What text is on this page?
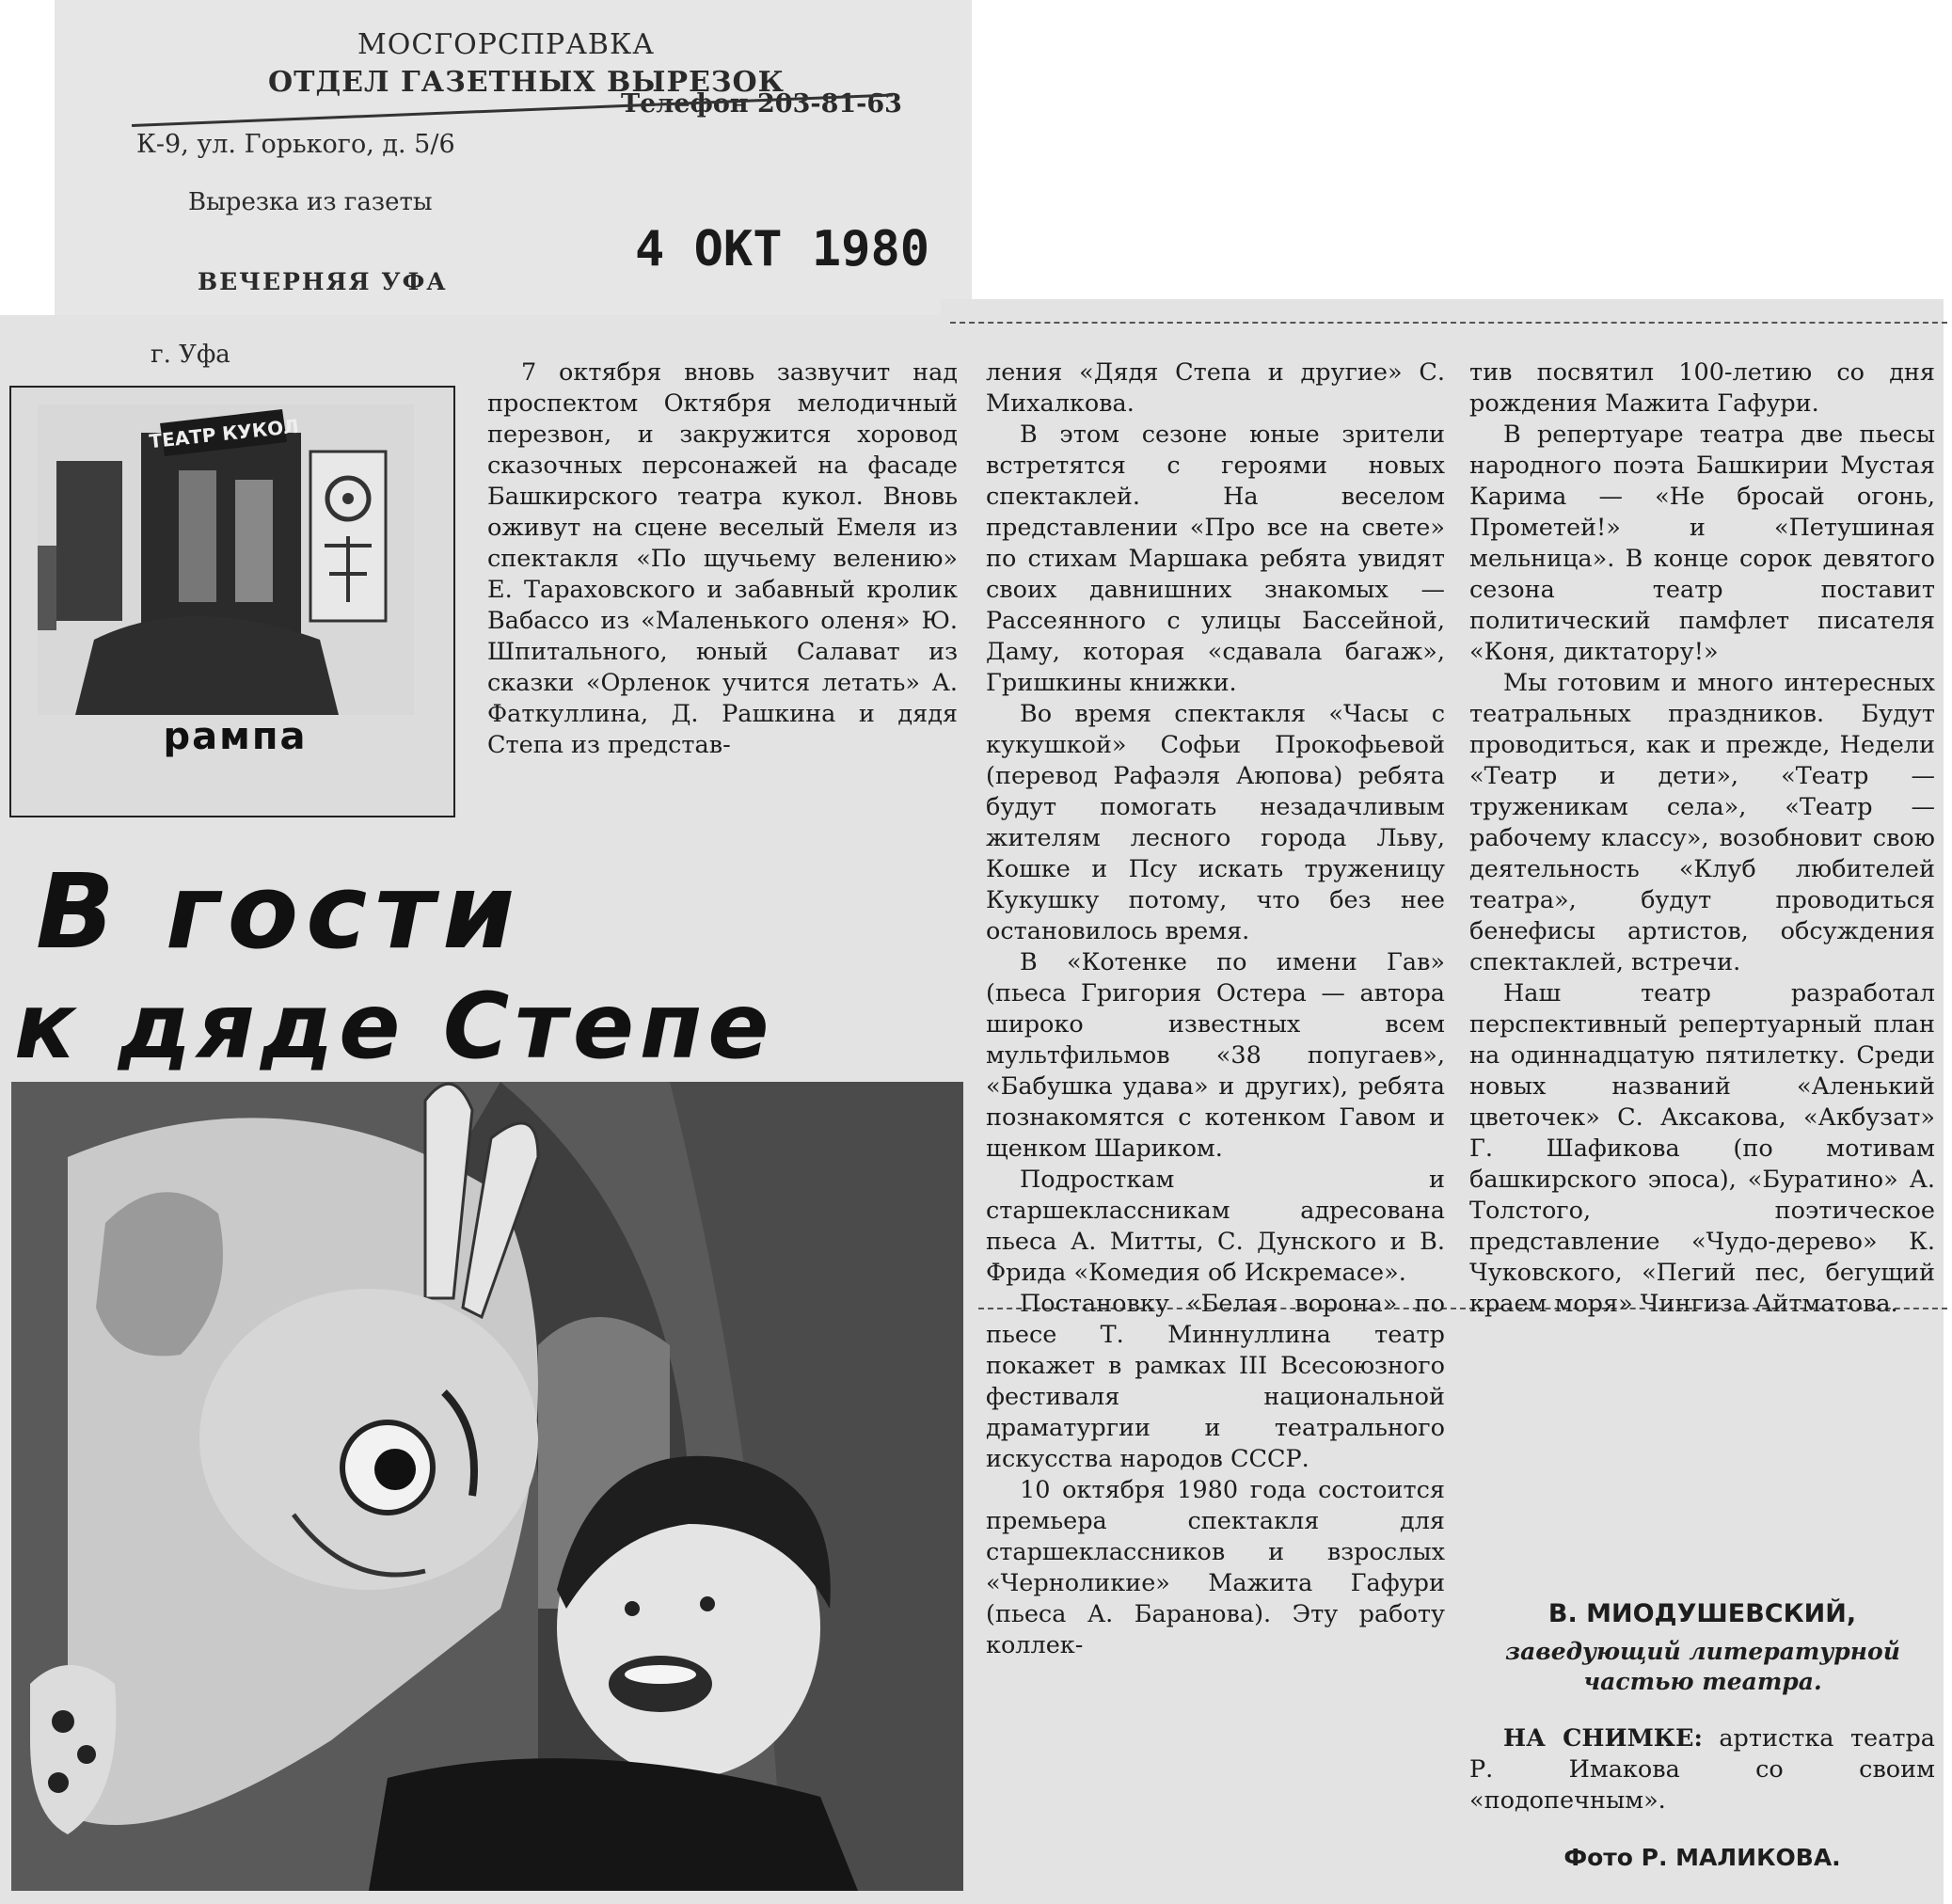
МОСГОРСПРАВКА
ОТДЕЛ ГАЗЕТНЫХ ВЫРЕЗОК
К-9, ул. Горького, д. 5/6
Телефон 203-81-63
Вырезка из газеты
ВЕЧЕРНЯЯ УФА
4 ОКТ 1980
г. Уфа
ТЕАТР КУКОЛ
рампа
В гости
к дяде Степе

7 октября вновь зазвучит над проспектом Октября мелодичный перезвон, и закружится хоровод сказочных персонажей на фасаде Башкирского театра кукол. Вновь оживут на сцене веселый Емеля из спектакля «По щучьему велению» Е. Тараховского и забавный кролик Вабассо из «Маленького оленя» Ю. Шпитального, юный Салават из сказки «Орленок учится летать» А. Фаткуллина, Д. Рашкина и дядя Степа из представ-

ления «Дядя Степа и другие» С. Михалкова.

В этом сезоне юные зрители встретятся с героями новых спектаклей. На веселом представлении «Про все на свете» по стихам Маршака ребята увидят своих давнишних знакомых — Рассеянного с улицы Бассейной, Даму, которая «сдавала багаж», Гришкины книжки.

Во время спектакля «Часы с кукушкой» Софьи Прокофьевой (перевод Рафаэля Аюпова) ребята будут помогать незадачливым жителям лесного города Льву, Кошке и Псу искать труженицу Кукушку потому, что без нее остановилось время.

В «Котенке по имени Гав» (пьеса Григория Остера — автора широко известных всем мультфильмов «38 попугаев», «Бабушка удава» и других), ребята познакомятся с котенком Гавом и щенком Шариком.

Подросткам и старшеклассникам адресована пьеса А. Митты, С. Дунского и В. Фрида «Комедия об Искремасе».

Постановку «Белая ворона» по пьесе Т. Миннуллина театр покажет в рамках III Всесоюзного фестиваля национальной драматургии и театрального искусства народов СССР.

10 октября 1980 года состоится премьера спектакля для старшеклассников и взрослых «Черноликие» Мажита Гафури (пьеса А. Баранова). Эту работу коллек-

тив посвятил 100-летию со дня рождения Мажита Гафури.

В репертуаре театра две пьесы народного поэта Башкирии Мустая Карима — «Не бросай огонь, Прометей!» и «Петушиная мельница». В конце сорок девятого сезона театр поставит политический памфлет писателя «Коня, диктатору!»

Мы готовим и много интересных театральных праздников. Будут проводиться, как и прежде, Недели «Театр и дети», «Театр — труженикам села», «Театр — рабочему классу», возобновит свою деятельность «Клуб любителей театра», будут проводиться бенефисы артистов, обсуждения спектаклей, встречи.

Наш театр разработал перспективный репертуарный план на одиннадцатую пятилетку. Среди новых названий «Аленький цветочек» С. Аксакова, «Акбузат» Г. Шафикова (по мотивам башкирского эпоса), «Буратино» А. Толстого, поэтическое представление «Чудо-дерево» К. Чуковского, «Пегий пес, бегущий краем моря» Чингиза Айтматова.

В. МИОДУШЕВСКИЙ,
заведующий литературной частью театра.

НА СНИМКЕ: артистка театра Р. Имакова со своим «подопечным».

Фото Р. МАЛИКОВА.
